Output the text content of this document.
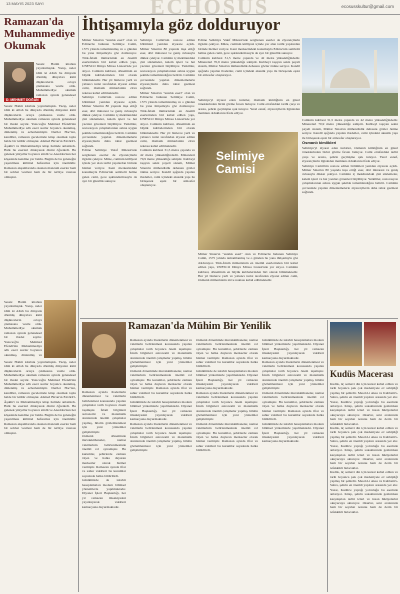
13 MAYIS 2023 SAYI	ECHOSUS	ecosusskultur@gmail.com
Ramazan'da Muhammediye Okumak
D. MEHMET DOĞAN
Sessiz Hatim kitabını yayınlamıştık. Yazıp, neler idim ki Allah bu dünyada dönmüş dünyaları kimi düşüncelerin ortaya çıkmasına vesile oldu. Muhammediye okumak ramazan ayında geleneksel
Sessiz Hatim kitabını yayınlamıştık. Yazıp, neler idim ki Allah bu dünyada dönmüş dünyaları kimi düşüncelerin ortaya çıkmasına vesile oldu. Muhammediye okumak ramazan ayında geleneksel bir ibadet sayılır. Yazıcıoğlu Mehmed Efendi'nin Muhammediye adlı eseri asırlar boyunca okunmuş, dinlenmiş ve ezberlenmiştir. Dertler Hac'ları, kandiller, ramazan gecelerinde kitap okumak toplu halde bir kültür olmuştur. Ahmed Bîcan'ın Envârü'l-Âşıkîn'i ve Muhammediye kitap halinde anlatılırdı. Halk bu eserleri dinleyerek dinini öğrenirdi. Bu gelenek yüzyıllar boyunca sürdü ve Anadolu'nun her köşesinde kendine yer buldu. Bugün de bu geleneğin yaşatılması kültürel hafızamız için önemlidir. Ramazan akşamlarında okunan manzum eserler hem bir sohbet vesilesi hem de bir terbiye vasıtası olmuştur.
Sessiz Hatim kitabını yayınlamıştık. Yazıp, neler idim ki Allah bu dünyada dönmüş dünyaları kimi düşüncelerin ortaya çıkmasına vesile oldu. Muhammediye okumak ramazan ayında geleneksel bir ibadet sayılır. Yazıcıoğlu Mehmed Efendi'nin Muhammediye adlı eseri asırlar boyunca okunmuş, dinlenmiş ve
Sessiz Hatim kitabını yayınlamıştık. Yazıp, neler idim ki Allah bu dünyada dönmüş dünyaları kimi düşüncelerin ortaya çıkmasına vesile oldu. Muhammediye okumak ramazan ayında geleneksel bir ibadet sayılır. Yazıcıoğlu Mehmed Efendi'nin Muhammediye adlı eseri asırlar boyunca okunmuş, dinlenmiş ve ezberlenmiştir. Dertler Hac'ları, kandiller, ramazan gecelerinde kitap okumak toplu halde bir kültür olmuştur. Ahmed Bîcan'ın Envârü'l-Âşıkîn'i ve Muhammediye kitap halinde anlatılırdı. Halk bu eserleri dinleyerek dinini öğrenirdi. Bu gelenek yüzyıllar boyunca sürdü ve Anadolu'nun her köşesinde kendine yer buldu. Bugün de bu geleneğin yaşatılması kültürel hafızamız için önemlidir. Ramazan akşamlarında okunan manzum eserler hem bir sohbet vesilesi hem de bir terbiye vasıtası olmuştur.
İhtişamıyla göz dolduruyor
Mimar Sinan'ın "ustalık eseri" olan ve Edirne'de bulunan Selimiye Camii, 1575 yılında tamamlanmış ve o günden bu yana ihtişamıyla göz dolduruyor. Türk-İslam mimarisinin en önemli eserlerinden biri kabul edilen yapı, UNESCO Dünya Mirası Listesi'nde yer alıyor. Caminin kubbesi, döneminin en büyük kubbelerinden biri olarak bilinmektedir. Her yıl binlerce yerli ve yabancı turist tarafından ziyaret edilen cami, Osmanlı mimarisinin zirve noktası kabul edilmektedir.
Selimiye Camii'nin restore edilen bölümleri yeniden ziyarete açıldı. Mimar Sinan'ın 80 yaşında inşa ettiği eser, dört minaresi ve geniş avlusuyla dikkat çekiyor. Caminin iç mekânındaki çini süslemeler, kalem işleri ve hat yazıları görenleri büyülüyor. Yetkililer, restorasyon çalışmalarının aslına uygun şekilde tamamlandığını belirtti. Caminin çevresinde yapılan düzenlemelerle ziyaretçilerin daha rahat gezmesi sağlandı.
Edirne Selimiye Vakıf Müzesi'nde sergilenen eserler de ziyaretçilerin ilgisini çekiyor. Müze, caminin külliyesi içinde yer alan tarihi yapılardan birinde hizmet veriyor. Kent merkezindeki konumuyla Edirne'nin sembolü haline gelen cami, gece ışıklandırmasıyla da ayrı bir güzellik sunuyor.
Selimiye Camii'nin restore edilen bölümleri yeniden ziyarete açıldı. Mimar Sinan'ın 80 yaşında inşa ettiği eser, dört minaresi ve geniş avlusuyla dikkat çekiyor. Caminin iç mekânındaki çini süslemeler, kalem işleri ve hat yazıları görenleri büyülüyor. Yetkililer, restorasyon çalışmalarının aslına uygun şekilde tamamlandığını belirtti. Caminin çevresinde yapılan düzenlemelerle ziyaretçilerin daha rahat gezmesi sağlandı.
Mimar Sinan'ın "ustalık eseri" olan ve Edirne'de bulunan Selimiye Camii, 1575 yılında tamamlanmış ve o günden bu yana ihtişamıyla göz dolduruyor. Türk-İslam mimarisinin en önemli eserlerinden biri kabul edilen yapı, UNESCO Dünya Mirası Listesi'nde yer alıyor. Caminin kubbesi, döneminin en büyük kubbelerinden biri olarak bilinmektedir. Her yıl binlerce yerli ve yabancı turist tarafından ziyaret edilen cami, Osmanlı mimarisinin zirve noktası kabul edilmektedir.
Caminin kubbesi 31,5 metre çapında ve 42 metre yüksekliğindedir. Minareleri 70,9 metre yüksekliğe sahiptir. Kubbeyi taşıyan sekiz payeli sistem, Mimar Sinan'ın mühendislik dehasını gözler önüne seriyor. Kandil ışığında yapılan ibadetler, cami içindeki akustik yapı ile birleşerek eşsiz bir atmosfer oluşturuyor.
Edirne Selimiye Vakıf Müzesi'nde sergilenen eserler de ziyaretçilerin ilgisini çekiyor. Müze, caminin külliyesi içinde yer alan tarihi yapılardan birinde hizmet veriyor. Kent merkezindeki konumuyla Edirne'nin sembolü haline gelen cami, gece ışıklandırmasıyla da ayrı bir güzellik sunuyor.
Caminin kubbesi 31,5 metre çapında ve 42 metre yüksekliğindedir. Minareleri 70,9 metre yüksekliğe sahiptir. Kubbeyi taşıyan sekiz payeli sistem, Mimar Sinan'ın mühendislik dehasını gözler önüne seriyor. Kandil ışığında yapılan ibadetler, cami içindeki akustik yapı ile birleşerek eşsiz bir atmosfer oluşturuyor.
Selimiye'yi ziyaret eden turistler, Osmanlı kimliğinin en güzel örneklerinden birini görme fırsatı buluyor. Cami etrafındaki tarihi çarşı ve arasta, şehrin geçmişine ışık tutuyor. Yerel esnaf, ziyaretçilerin ilgisinden memnun olduklarını ifade ediyor.
Selimiye Camisi
Mimar Sinan'ın "ustalık eseri" olan ve Edirne'de bulunan Selimiye Camii, 1575 yılında tamamlanmış ve o günden bu yana ihtişamıyla göz dolduruyor. Türk-İslam mimarisinin en önemli eserlerinden biri kabul edilen yapı, UNESCO Dünya Mirası Listesi'nde yer alıyor. Caminin kubbesi, döneminin en büyük kubbelerinden biri olarak bilinmektedir. Her yıl binlerce yerli ve yabancı turist tarafından ziyaret edilen cami, Osmanlı mimarisinin zirve noktası kabul edilmektedir.
Caminin kubbesi 31,5 metre çapında ve 42 metre yüksekliğindedir. Minareleri 70,9 metre yüksekliğe sahiptir. Kubbeyi taşıyan sekiz payeli sistem, Mimar Sinan'ın mühendislik dehasını gözler önüne seriyor. Kandil ışığında yapılan ibadetler, cami içindeki akustik yapı ile birleşerek eşsiz bir atmosfer oluşturuyor.
Osmanlı kimlikleri
Selimiye'yi ziyaret eden turistler, Osmanlı kimliğinin en güzel örneklerinden birini görme fırsatı buluyor. Cami etrafındaki tarihi çarşı ve arasta, şehrin geçmişine ışık tutuyor. Yerel esnaf, ziyaretçilerin ilgisinden memnun olduklarını ifade ediyor.
Selimiye Camii'nin restore edilen bölümleri yeniden ziyarete açıldı. Mimar Sinan'ın 80 yaşında inşa ettiği eser, dört minaresi ve geniş avlusuyla dikkat çekiyor. Caminin iç mekânındaki çini süslemeler, kalem işleri ve hat yazıları görenleri büyülüyor. Yetkililer, restorasyon çalışmalarının aslına uygun şekilde tamamlandığını belirtti. Caminin çevresinde yapılan düzenlemelerle ziyaretçilerin daha rahat gezmesi sağlandı.
Ramazan'da Mühim Bir Yenilik
Ramazan ayında ibadetlerin düzenlenmesi ve vakitlerin belirlenmesi konusunda yapılan çalışmalar tarih boyunca önem taşımıştır. İslam bilginleri astronomi ve matematik alanlarında önemli çalışmalar yapmış, hilalin gözlemlenmesi için yeni yöntemler geliştirmiştir.
Osmanlı döneminde muvakkithaneler, namaz vakitlerinin belirlenmesinde önemli rol oynamıştır. Bu kurumlar, şehirlerde zamanı ölçen ve halka duyuran merkezler olarak hizmet vermiştir. Ramazan ayında iftar ve sahur vakitleri bu kurumlar sayesinde halka bildirilirdi.
Günümüzde de takvim hesaplamaları modern bilimsel yöntemlerle yapılmaktadır. Diyanet İşleri Başkanlığı, her yıl ramazan imsakiyesini yayınlayarak vakitleri kamuoyuna duyurmaktadır.
Ramazan ayında ibadetlerin düzenlenmesi ve vakitlerin belirlenmesi konusunda yapılan çalışmalar tarih boyunca önem taşımıştır. İslam bilginleri astronomi ve matematik alanlarında önemli çalışmalar yapmış, hilalin gözlemlenmesi için yeni yöntemler geliştirmiştir.
Osmanlı döneminde muvakkithaneler, namaz vakitlerinin belirlenmesinde önemli rol oynamıştır. Bu kurumlar, şehirlerde zamanı ölçen ve halka duyuran merkezler olarak hizmet vermiştir. Ramazan ayında iftar ve sahur vakitleri bu kurumlar sayesinde halka bildirilirdi.
Günümüzde de takvim hesaplamaları modern bilimsel yöntemlerle yapılmaktadır. Diyanet İşleri Başkanlığı, her yıl ramazan imsakiyesini yayınlayarak vakitleri kamuoyuna duyurmaktadır.
Ramazan ayında ibadetlerin düzenlenmesi ve vakitlerin belirlenmesi konusunda yapılan çalışmalar tarih boyunca önem taşımıştır. İslam bilginleri astronomi ve matematik alanlarında önemli çalışmalar yapmış, hilalin gözlemlenmesi için yeni yöntemler geliştirmiştir.
Osmanlı döneminde muvakkithaneler, namaz vakitlerinin belirlenmesinde önemli rol oynamıştır. Bu kurumlar, şehirlerde zamanı ölçen ve halka duyuran merkezler olarak hizmet vermiştir. Ramazan ayında iftar ve sahur vakitleri bu kurumlar sayesinde halka bildirilirdi.
Günümüzde de takvim hesaplamaları modern bilimsel yöntemlerle yapılmaktadır. Diyanet İşleri Başkanlığı, her yıl ramazan imsakiyesini yayınlayarak vakitleri kamuoyuna duyurmaktadır.
Ramazan ayında ibadetlerin düzenlenmesi ve vakitlerin belirlenmesi konusunda yapılan çalışmalar tarih boyunca önem taşımıştır. İslam bilginleri astronomi ve matematik alanlarında önemli çalışmalar yapmış, hilalin gözlemlenmesi için yeni yöntemler geliştirmiştir.
Osmanlı döneminde muvakkithaneler, namaz vakitlerinin belirlenmesinde önemli rol oynamıştır. Bu kurumlar, şehirlerde zamanı ölçen ve halka duyuran merkezler olarak hizmet vermiştir. Ramazan ayında iftar ve sahur vakitleri bu kurumlar sayesinde halka bildirilirdi.
Günümüzde de takvim hesaplamaları modern bilimsel yöntemlerle yapılmaktadır. Diyanet İşleri Başkanlığı, her yıl ramazan imsakiyesini yayınlayarak vakitleri kamuoyuna duyurmaktadır.
Ramazan ayında ibadetlerin düzenlenmesi ve vakitlerin belirlenmesi konusunda yapılan çalışmalar tarih boyunca önem taşımıştır. İslam bilginleri astronomi ve matematik alanlarında önemli çalışmalar yapmış, hilalin gözlemlenmesi için yeni yöntemler geliştirmiştir.
Osmanlı döneminde muvakkithaneler, namaz vakitlerinin belirlenmesinde önemli rol oynamıştır. Bu kurumlar, şehirlerde zamanı ölçen ve halka duyuran merkezler olarak hizmet vermiştir. Ramazan ayında iftar ve sahur vakitleri bu kurumlar sayesinde halka bildirilirdi.
Günümüzde de takvim hesaplamaları modern bilimsel yöntemlerle yapılmaktadır. Diyanet İşleri Başkanlığı, her yıl ramazan imsakiyesini yayınlayarak vakitleri kamuoyuna duyurmaktadır.
Kudüs Macerası
Kudüs, üç semavi din için kutsal kabul edilen ve tarih boyunca pek çok medeniyete ev sahipliği yapmış bir şehirdir. Mescid-i Aksa ve Kubbetü's-Sahra, şehrin en önemli yapıları arasında yer alır. Yazar, Kudüs'e yaptığı yolculuğu bu eserinde anlatıyor. Kitap, şehrin sokaklarında gezinirken karşılaşılan tarihi izleri ve insan hikâyelerini okuyucuya aktarıyor. Okurlar, satır aralarında hem bir seyahat notunu hem de derin bir tefekkürü bulacaklar.
Kudüs, üç semavi din için kutsal kabul edilen ve tarih boyunca pek çok medeniyete ev sahipliği yapmış bir şehirdir. Mescid-i Aksa ve Kubbetü's-Sahra, şehrin en önemli yapıları arasında yer alır. Yazar, Kudüs'e yaptığı yolculuğu bu eserinde anlatıyor. Kitap, şehrin sokaklarında gezinirken karşılaşılan tarihi izleri ve insan hikâyelerini okuyucuya aktarıyor. Okurlar, satır aralarında hem bir seyahat notunu hem de derin bir tefekkürü bulacaklar.
Kudüs, üç semavi din için kutsal kabul edilen ve tarih boyunca pek çok medeniyete ev sahipliği yapmış bir şehirdir. Mescid-i Aksa ve Kubbetü's-Sahra, şehrin en önemli yapıları arasında yer alır. Yazar, Kudüs'e yaptığı yolculuğu bu eserinde anlatıyor. Kitap, şehrin sokaklarında gezinirken karşılaşılan tarihi izleri ve insan hikâyelerini okuyucuya aktarıyor. Okurlar, satır aralarında hem bir seyahat notunu hem de derin bir tefekkürü bulacaklar.
